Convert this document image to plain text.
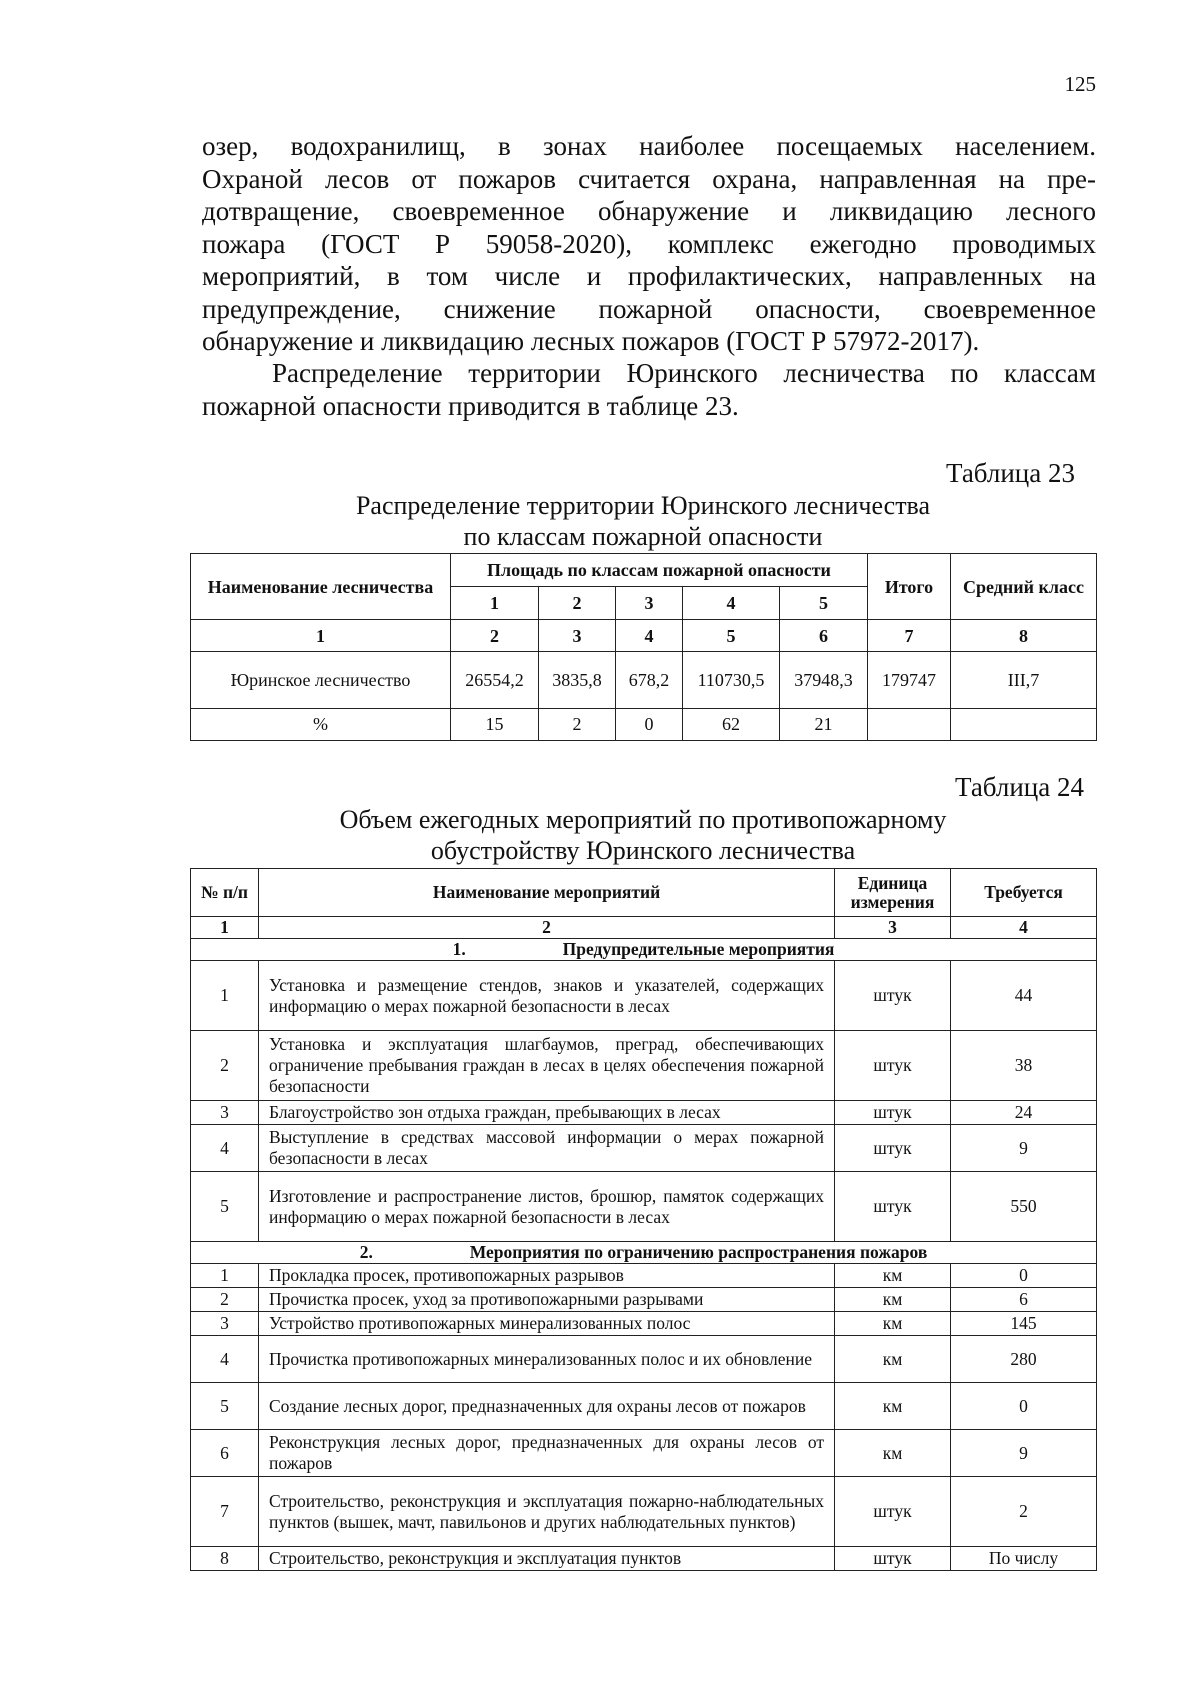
125
озер, водохранилищ, в зонах наиболее посещаемых населением.
Охраной лесов от пожаров считается охрана, направленная на пре-
дотвращение, своевременное обнаружение и ликвидацию лесного
пожара (ГОСТ Р 59058-2020), комплекс ежегодно проводимых
мероприятий, в том числе и профилактических, направленных на
предупреждение, снижение пожарной опасности, своевременное
обнаружение и ликвидацию лесных пожаров (ГОСТ Р 57972-2017).
Распределение территории Юринского лесничества по классам
пожарной опасности приводится в таблице 23.
Таблица 23
Распределение территории Юринского лесничества
по классам пожарной опасности
Наименование лесничества	Площадь по классам пожарной опасности					Итого	Средний класс
	1	2	3	4	5		
1	2	3	4	5	6	7	8
Юринское лесничество	26554,2	3835,8	678,2	110730,5	37948,3	179747	III,7
%	15	2	0	62	21		
Таблица 24
Объем ежегодных мероприятий по противопожарному
обустройству Юринского лесничества
№ п/п	Наименование мероприятий	Единица измерения	Требуется
1	2	3	4
1. Предупредительные мероприятия			
1	Установка и размещение стендов, знаков и указателей, содержащих информацию о мерах пожарной безопасности в лесах	штук	44
2	Установка и эксплуатация шлагбаумов, преград, обеспечивающих ограничение пребывания граждан в лесах в целях обеспечения пожарной безопасности	штук	38
3	Благоустройство зон отдыха граждан, пребывающих в лесах	штук	24
4	Выступление в средствах массовой информации о мерах пожарной безопасности в лесах	штук	9
5	Изготовление и распространение листов, брошюр, памяток содержащих информацию о мерах пожарной безопасности в лесах	штук	550
2. Мероприятия по ограничению распространения пожаров			
1	Прокладка просек, противопожарных разрывов	км	0
2	Прочистка просек, уход за противопожарными разрывами	км	6
3	Устройство противопожарных минерализованных полос	км	145
4	Прочистка противопожарных минерализованных полос и их обновление	км	280
5	Создание лесных дорог, предназначенных для охраны лесов от пожаров	км	0
6	Реконструкция лесных дорог, предназначенных для охраны лесов от пожаров	км	9
7	Строительство, реконструкция и эксплуатация пожарно-наблюдательных пунктов (вышек, мачт, павильонов и других наблюдательных пунктов)	штук	2
8	Строительство, реконструкция и эксплуатация пунктов	штук	По числу
